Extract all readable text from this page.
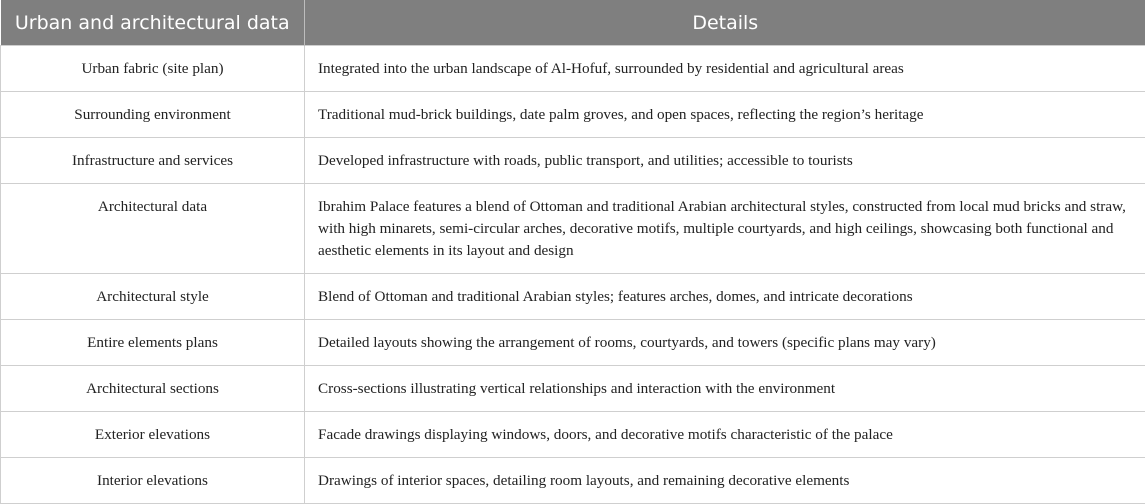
Urban and architectural data	Details
Urban fabric (site plan)	Integrated into the urban landscape of Al-Hofuf, surrounded by residential and agricultural areas
Surrounding environment	Traditional mud-brick buildings, date palm groves, and open spaces, reflecting the region’s heritage
Infrastructure and services	Developed infrastructure with roads, public transport, and utilities; accessible to tourists
Architectural data	Ibrahim Palace features a blend of Ottoman and traditional Arabian architectural styles, constructed from local mud bricks and straw, with high minarets, semi-circular arches, decorative motifs, multiple courtyards, and high ceilings, showcasing both functional and aesthetic elements in its layout and design
Architectural style	Blend of Ottoman and traditional Arabian styles; features arches, domes, and intricate decorations
Entire elements plans	Detailed layouts showing the arrangement of rooms, courtyards, and towers (specific plans may vary)
Architectural sections	Cross-sections illustrating vertical relationships and interaction with the environment
Exterior elevations	Facade drawings displaying windows, doors, and decorative motifs characteristic of the palace
Interior elevations	Drawings of interior spaces, detailing room layouts, and remaining decorative elements
